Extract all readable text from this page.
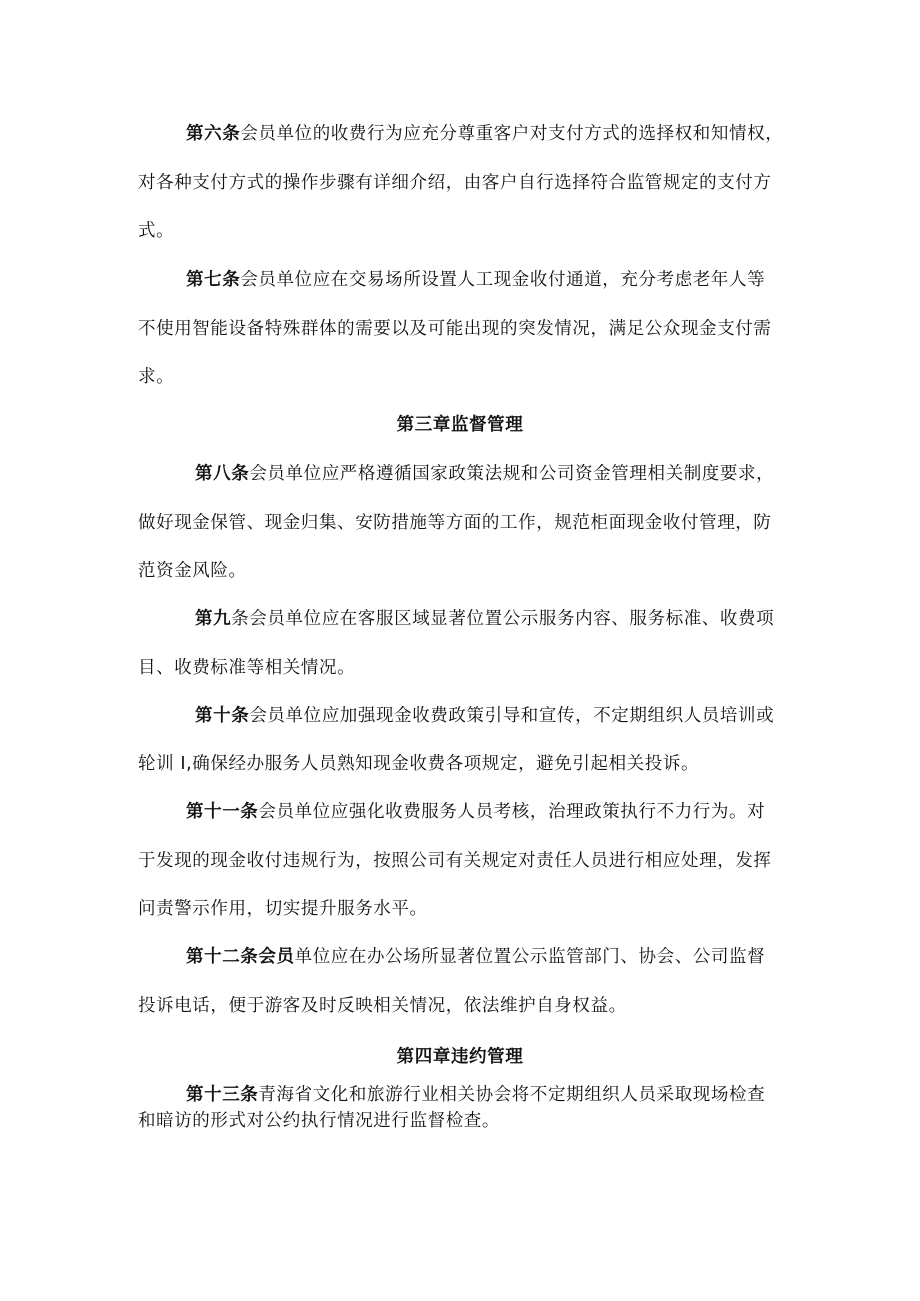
第六条会员单位的收费行为应充分尊重客户对支付方式的选择权和知情权，
对各种支付方式的操作步骤有详细介绍，由客户自行选择符合监管规定的支付方
式。
第七条会员单位应在交易场所设置人工现金收付通道，充分考虑老年人等
不使用智能设备特殊群体的需要以及可能出现的突发情况，满足公众现金支付需
求。
第三章监督管理
第八条会员单位应严格遵循国家政策法规和公司资金管理相关制度要求，
做好现金保管、现金归集、安防措施等方面的工作，规范柜面现金收付管理，防
范资金风险。
第九条会员单位应在客服区域显著位置公示服务内容、服务标准、收费项
目、收费标准等相关情况。
第十条会员单位应加强现金收费政策引导和宣传，不定期组织人员培训或
轮训 I,确保经办服务人员熟知现金收费各项规定，避免引起相关投诉。
第十一条会员单位应强化收费服务人员考核，治理政策执行不力行为。对
于发现的现金收付违规行为，按照公司有关规定对责任人员进行相应处理，发挥
问责警示作用，切实提升服务水平。
第十二条会员单位应在办公场所显著位置公示监管部门、协会、公司监督
投诉电话，便于游客及时反映相关情况，依法维护自身权益。
第四章违约管理
第十三条青海省文化和旅游行业相关协会将不定期组织人员采取现场检查
和暗访的形式对公约执行情况进行监督检查。
